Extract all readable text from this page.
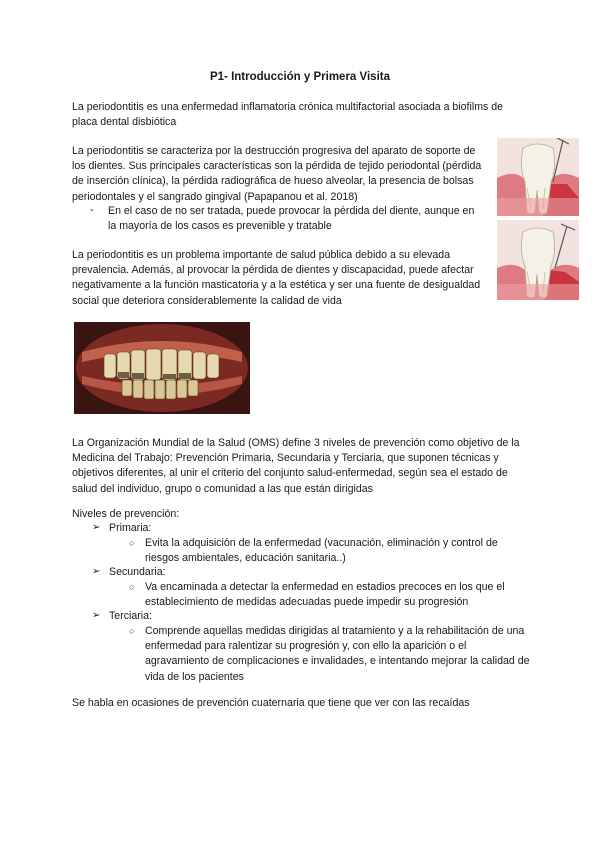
P1- Introducción y Primera Visita
La periodontitis es una enfermedad inflamatoria crónica multifactorial asociada a biofilms de placa dental disbiótica
La periodontitis se caracteriza por la destrucción progresiva del aparato de soporte de los dientes. Sus principales características son la pérdida de tejido periodontal (pérdida de inserción clínica), la pérdida radiográfica de hueso alveolar, la presencia de bolsas periodontales y el sangrado gingival (Papapanou et al. 2018)
- En el caso de no ser tratada, puede provocar la pérdida del diente, aunque en la mayoría de los casos es prevenible y tratable
La periodontitis es un problema importante de salud pública debido a su elevada prevalencia. Además, al provocar la pérdida de dientes y discapacidad, puede afectar negativamente a la función masticatoria y a la estética y ser una fuente de desigualdad social que deteriora considerablemente la calidad de vida
La Organización Mundial de la Salud (OMS) define 3 niveles de prevención como objetivo de la Medicina del Trabajo: Prevención Primaria, Secundaria y Terciaria, que suponen técnicas y objetivos diferentes, al unir el criterio del conjunto salud-enfermedad, según sea el estado de salud del individuo, grupo o comunidad a las que están dirigidas
Niveles de prevención:
➢ Primaria:
○ Evita la adquisición de la enfermedad (vacunación, eliminación y control de riesgos ambientales, educación sanitaria..)
➢ Secundaria:
○ Va encaminada a detectar la enfermedad en estadios precoces en los que el establecimiento de medidas adecuadas puede impedir su progresión
➢ Terciaria:
○ Comprende aquellas medidas dirigidas al tratamiento y a la rehabilitación de una enfermedad para ralentizar su progresión y, con ello la aparición o el agravamiento de complicaciones e invalidades, e intentando mejorar la calidad de vida de los pacientes
Se habla en ocasiones de prevención cuaternaria que tiene que ver con las recaídas
